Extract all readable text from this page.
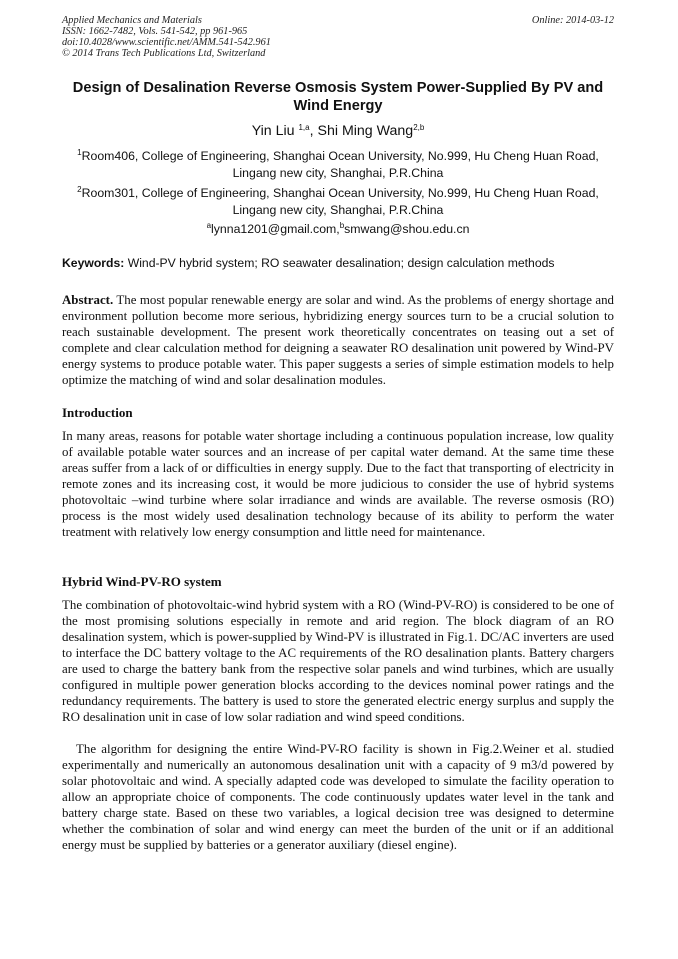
Applied Mechanics and Materials
ISSN: 1662-7482, Vols. 541-542, pp 961-965
doi:10.4028/www.scientific.net/AMM.541-542.961
© 2014 Trans Tech Publications Ltd, Switzerland
Online: 2014-03-12
Design of Desalination Reverse Osmosis System Power-Supplied By PV and Wind Energy
Yin Liu $^{1,a}$, Shi Ming Wang$^{2,b}$
$^1$Room406, College of Engineering, Shanghai Ocean University, No.999, Hu Cheng Huan Road, Lingang new city, Shanghai, P.R.China
$^2$Room301, College of Engineering, Shanghai Ocean University, No.999, Hu Cheng Huan Road, Lingang new city, Shanghai, P.R.China
$^a$lynna1201@gmail.com,$^b$smwang@shou.edu.cn
Keywords: Wind-PV hybrid system; RO seawater desalination; design calculation methods
Abstract. The most popular renewable energy are solar and wind. As the problems of energy shortage and environment pollution become more serious, hybridizing energy sources turn to be a crucial solution to reach sustainable development. The present work theoretically concentrates on teasing out a set of complete and clear calculation method for deigning a seawater RO desalination unit powered by Wind-PV energy systems to produce potable water. This paper suggests a series of simple estimation models to help optimize the matching of wind and solar desalination modules.
Introduction
In many areas, reasons for potable water shortage including a continuous population increase, low quality of available potable water sources and an increase of per capital water demand. At the same time these areas suffer from a lack of or difficulties in energy supply. Due to the fact that transporting of electricity in remote zones and its increasing cost, it would be more judicious to consider the use of hybrid systems photovoltaic –wind turbine where solar irradiance and winds are available. The reverse osmosis (RO) process is the most widely used desalination technology because of its ability to perform the water treatment with relatively low energy consumption and little need for maintenance.
Hybrid Wind-PV-RO system
The combination of photovoltaic-wind hybrid system with a RO (Wind-PV-RO) is considered to be one of the most promising solutions especially in remote and arid region. The block diagram of an RO desalination system, which is power-supplied by Wind-PV is illustrated in Fig.1. DC/AC inverters are used to interface the DC battery voltage to the AC requirements of the RO desalination plants. Battery chargers are used to charge the battery bank from the respective solar panels and wind turbines, which are usually configured in multiple power generation blocks according to the devices nominal power ratings and the redundancy requirements. The battery is used to store the generated electric energy surplus and supply the RO desalination unit in case of low solar radiation and wind speed conditions.
The algorithm for designing the entire Wind-PV-RO facility is shown in Fig.2.Weiner et al. studied experimentally and numerically an autonomous desalination unit with a capacity of 9 m3/d powered by solar photovoltaic and wind. A specially adapted code was developed to simulate the facility operation to allow an appropriate choice of components. The code continuously updates water level in the tank and battery charge state. Based on these two variables, a logical decision tree was designed to determine whether the combination of solar and wind energy can meet the burden of the unit or if an additional energy must be supplied by batteries or a generator auxiliary (diesel engine).
